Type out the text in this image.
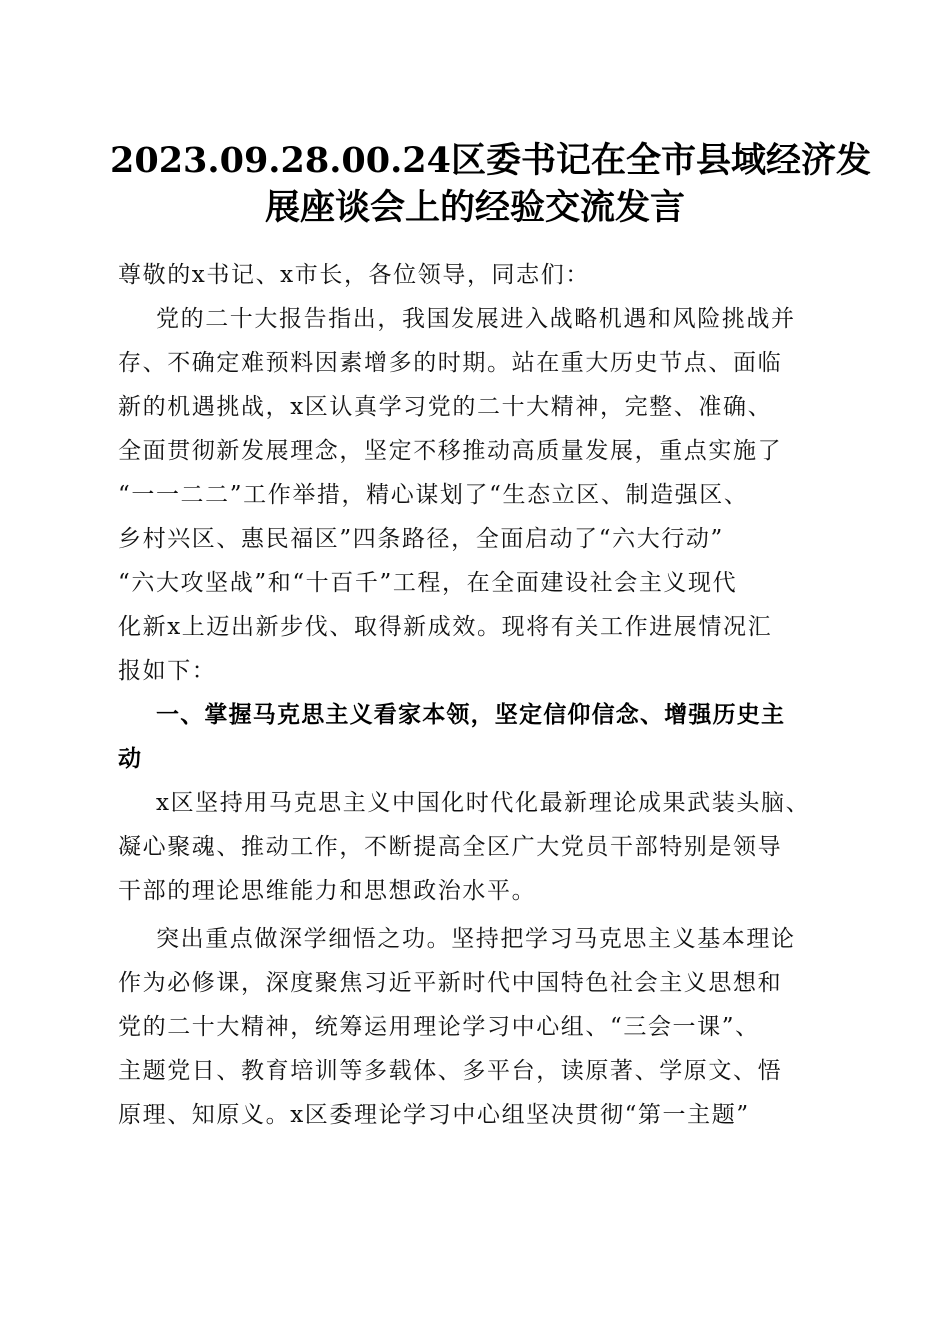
2023.09.28.00.24区委书记在全市县域经济发
展座谈会上的经验交流发言
尊敬的x书记、x市长，各位领导，同志们：
党的二十大报告指出，我国发展进入战略机遇和风险挑战并
存、不确定难预料因素增多的时期。站在重大历史节点、面临
新的机遇挑战，x区认真学习党的二十大精神，完整、准确、
全面贯彻新发展理念，坚定不移推动高质量发展，重点实施了
“一一二二”工作举措，精心谋划了“生态立区、制造强区、
乡村兴区、惠民福区”四条路径，全面启动了“六大行动”
“六大攻坚战”和“十百千”工程，在全面建设社会主义现代
化新x上迈出新步伐、取得新成效。现将有关工作进展情况汇
报如下：
一、掌握马克思主义看家本领，坚定信仰信念、增强历史主
动
x区坚持用马克思主义中国化时代化最新理论成果武装头脑、
凝心聚魂、推动工作，不断提高全区广大党员干部特别是领导
干部的理论思维能力和思想政治水平。
突出重点做深学细悟之功。坚持把学习马克思主义基本理论
作为必修课，深度聚焦习近平新时代中国特色社会主义思想和
党的二十大精神，统筹运用理论学习中心组、“三会一课”、
主题党日、教育培训等多载体、多平台，读原著、学原文、悟
原理、知原义。x区委理论学习中心组坚决贯彻“第一主题”
